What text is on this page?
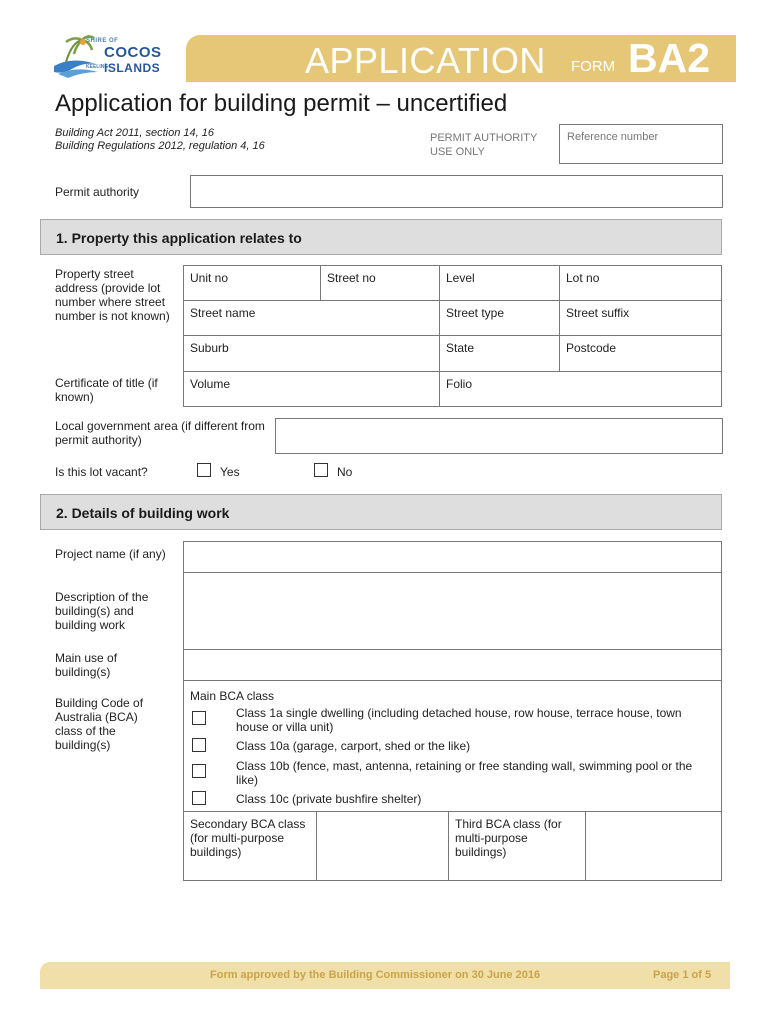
SHIRE OF
COCOS
KEELING
ISLANDS	APPLICATION FORM BA2
Application for building permit – uncertified
Building Act 2011, section 14, 16
Building Regulations 2012, regulation 4, 16
PERMIT AUTHORITY USE ONLY
Reference number
Permit authority
1. Property this application relates to
Property street address (provide lot number where street number is not known)
Unit no	Street no	Level	Lot no
Street name	Street type	Street suffix
Suburb	State	Postcode
Certificate of title (if known)
Volume	Folio
Local government area (if different from permit authority)
Is this lot vacant?	Yes	No
2. Details of building work
Project name (if any)
Description of the building(s) and building work
Main use of building(s)
Building Code of Australia (BCA) class of the building(s)
Main BCA class
Class 1a single dwelling (including detached house, row house, terrace house, town house or villa unit)
Class 10a (garage, carport, shed or the like)
Class 10b (fence, mast, antenna, retaining or free standing wall, swimming pool or the like)
Class 10c (private bushfire shelter)
Secondary BCA class (for multi-purpose buildings)
Third BCA class (for multi-purpose buildings)
Form approved by the Building Commissioner on 30 June 2016	Page 1 of 5
